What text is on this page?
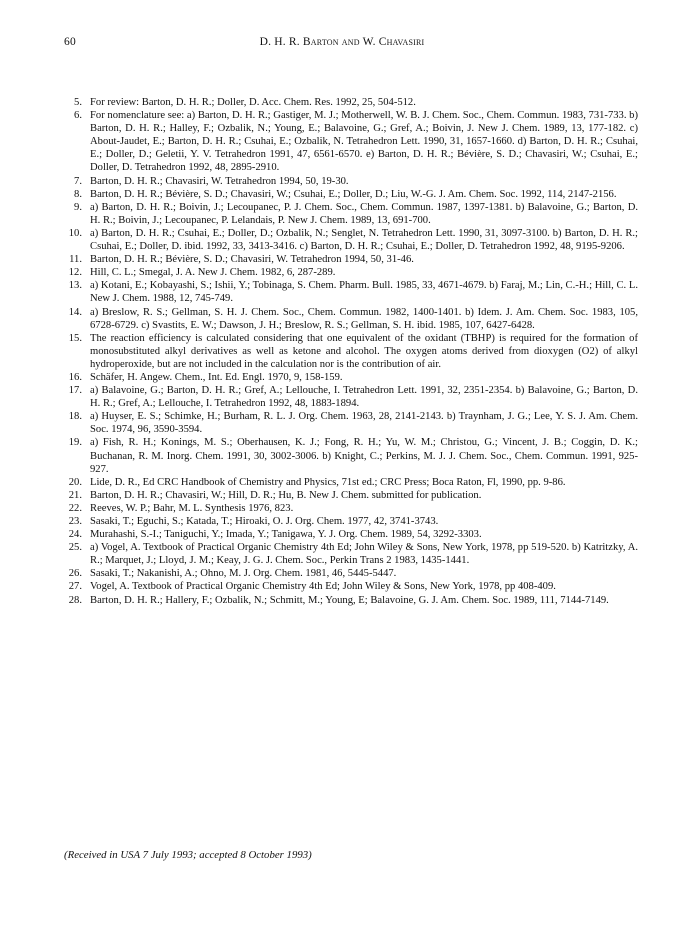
60	D. H. R. Barton and W. Chavasiri
5. For review: Barton, D. H. R.; Doller, D. Acc. Chem. Res. 1992, 25, 504-512.
6. For nomenclature see: a) Barton, D. H. R.; Gastiger, M. J.; Motherwell, W. B. J. Chem. Soc., Chem. Commun. 1983, 731-733. b) Barton, D. H. R.; Halley, F.; Ozbalik, N.; Young, E.; Balavoine, G.; Gref, A.; Boivin, J. New J. Chem. 1989, 13, 177-182. c) About-Jaudet, E.; Barton, D. H. R.; Csuhai, E.; Ozbalik, N. Tetrahedron Lett. 1990, 31, 1657-1660. d) Barton, D. H. R.; Csuhai, E.; Doller, D.; Geletii, Y. V. Tetrahedron 1991, 47, 6561-6570. e) Barton, D. H. R.; Bévière, S. D.; Chavasiri, W.; Csuhai, E.; Doller, D. Tetrahedron 1992, 48, 2895-2910.
7. Barton, D. H. R.; Chavasiri, W. Tetrahedron 1994, 50, 19-30.
8. Barton, D. H. R.; Bévière, S. D.; Chavasiri, W.; Csuhai, E.; Doller, D.; Liu, W.-G. J. Am. Chem. Soc. 1992, 114, 2147-2156.
9. a) Barton, D. H. R.; Boivin, J.; Lecoupanec, P. J. Chem. Soc., Chem. Commun. 1987, 1397-1381. b) Balavoine, G.; Barton, D. H. R.; Boivin, J.; Lecoupanec, P. Lelandais, P. New J. Chem. 1989, 13, 691-700.
10. a) Barton, D. H. R.; Csuhai, E.; Doller, D.; Ozbalik, N.; Senglet, N. Tetrahedron Lett. 1990, 31, 3097-3100. b) Barton, D. H. R.; Csuhai, E.; Doller, D. ibid. 1992, 33, 3413-3416. c) Barton, D. H. R.; Csuhai, E.; Doller, D. Tetrahedron 1992, 48, 9195-9206.
11. Barton, D. H. R.; Bévière, S. D.; Chavasiri, W. Tetrahedron 1994, 50, 31-46.
12. Hill, C. L.; Smegal, J. A. New J. Chem. 1982, 6, 287-289.
13. a) Kotani, E.; Kobayashi, S.; Ishii, Y.; Tobinaga, S. Chem. Pharm. Bull. 1985, 33, 4671-4679. b) Faraj, M.; Lin, C.-H.; Hill, C. L. New J. Chem. 1988, 12, 745-749.
14. a) Breslow, R. S.; Gellman, S. H. J. Chem. Soc., Chem. Commun. 1982, 1400-1401. b) Idem. J. Am. Chem. Soc. 1983, 105, 6728-6729. c) Svastits, E. W.; Dawson, J. H.; Breslow, R. S.; Gellman, S. H. ibid. 1985, 107, 6427-6428.
15. The reaction efficiency is calculated considering that one equivalent of the oxidant (TBHP) is required for the formation of monosubstituted alkyl derivatives as well as ketone and alcohol. The oxygen atoms derived from dioxygen (O2) of alkyl hydroperoxide, but are not included in the calculation nor is the contribution of air.
16. Schäfer, H. Angew. Chem., Int. Ed. Engl. 1970, 9, 158-159.
17. a) Balavoine, G.; Barton, D. H. R.; Gref, A.; Lellouche, I. Tetrahedron Lett. 1991, 32, 2351-2354. b) Balavoine, G.; Barton, D. H. R.; Gref, A.; Lellouche, I. Tetrahedron 1992, 48, 1883-1894.
18. a) Huyser, E. S.; Schimke, H.; Burham, R. L. J. Org. Chem. 1963, 28, 2141-2143. b) Traynham, J. G.; Lee, Y. S. J. Am. Chem. Soc. 1974, 96, 3590-3594.
19. a) Fish, R. H.; Konings, M. S.; Oberhausen, K. J.; Fong, R. H.; Yu, W. M.; Christou, G.; Vincent, J. B.; Coggin, D. K.; Buchanan, R. M. Inorg. Chem. 1991, 30, 3002-3006. b) Knight, C.; Perkins, M. J. J. Chem. Soc., Chem. Commun. 1991, 925-927.
20. Lide, D. R., Ed CRC Handbook of Chemistry and Physics, 71st ed.; CRC Press; Boca Raton, Fl, 1990, pp. 9-86.
21. Barton, D. H. R.; Chavasiri, W.; Hill, D. R.; Hu, B. New J. Chem. submitted for publication.
22. Reeves, W. P.; Bahr, M. L. Synthesis 1976, 823.
23. Sasaki, T.; Eguchi, S.; Katada, T.; Hiroaki, O. J. Org. Chem. 1977, 42, 3741-3743.
24. Murahashi, S.-I.; Taniguchi, Y.; Imada, Y.; Tanigawa, Y. J. Org. Chem. 1989, 54, 3292-3303.
25. a) Vogel, A. Textbook of Practical Organic Chemistry 4th Ed; John Wiley & Sons, New York, 1978, pp 519-520. b) Katritzky, A. R.; Marquet, J.; Lloyd, J. M.; Keay, J. G. J. Chem. Soc., Perkin Trans 2 1983, 1435-1441.
26. Sasaki, T.; Nakanishi, A.; Ohno, M. J. Org. Chem. 1981, 46, 5445-5447.
27. Vogel, A. Textbook of Practical Organic Chemistry 4th Ed; John Wiley & Sons, New York, 1978, pp 408-409.
28. Barton, D. H. R.; Hallery, F.; Ozbalik, N.; Schmitt, M.; Young, E; Balavoine, G. J. Am. Chem. Soc. 1989, 111, 7144-7149.
(Received in USA 7 July 1993; accepted 8 October 1993)
